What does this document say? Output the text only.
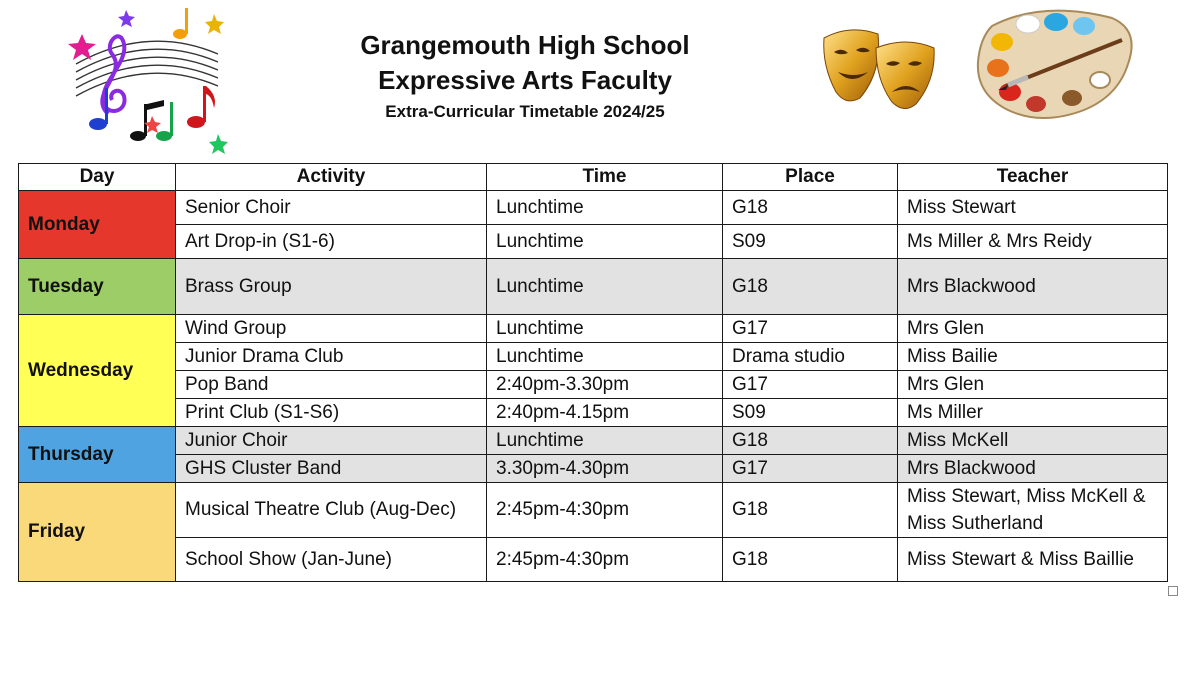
Grangemouth High School
Expressive Arts Faculty
Extra-Curricular Timetable 2024/25
Day	Activity	Time	Place	Teacher
Monday	Senior Choir	Lunchtime	G18	Miss Stewart
	Art Drop-in (S1-6)	Lunchtime	S09	Ms Miller & Mrs Reidy
Tuesday	Brass Group	Lunchtime	G18	Mrs Blackwood
Wednesday	Wind Group	Lunchtime	G17	Mrs Glen
	Junior Drama Club	Lunchtime	Drama studio	Miss Bailie
	Pop Band	2:40pm-3.30pm	G17	Mrs Glen
	Print Club (S1-S6)	2:40pm-4.15pm	S09	Ms Miller
Thursday	Junior Choir	Lunchtime	G18	Miss McKell
	GHS Cluster Band	3.30pm-4.30pm	G17	Mrs Blackwood
Friday	Musical Theatre Club (Aug-Dec)	2:45pm-4:30pm	G18	Miss Stewart, Miss McKell & Miss Sutherland
	School Show (Jan-June)	2:45pm-4:30pm	G18	Miss Stewart & Miss Baillie
